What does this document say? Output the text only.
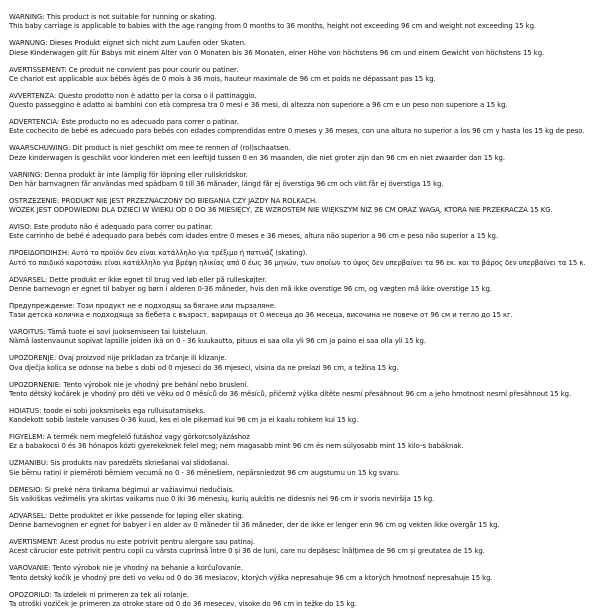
WARNING: This product is not suitable for running or skating.
This baby carriage is applicable to babies with the age ranging from 0 months to 36 months, height not exceeding 96 cm and weight not exceeding 15 kg.
WARNUNG: Dieses Produkt eignet sich nicht zum Laufen oder Skaten.
Diese Kinderwagen gilt für Babys mit einem Alter von 0 Monaten bis 36 Monaten, einer Höhe von höchstens 96 cm und einem Gewicht von höchstens 15 kg.
AVERTISSEMENT: Ce produit ne convient pas pour courir ou patiner.
Ce chariot est applicable aux bébés âgés de 0 mois à 36 mois, hauteur maximale de 96 cm et poids ne dépassant pas 15 kg.
AVVERTENZA: Questo prodotto non è adatto per la corsa o il pattinaggio.
Questo passeggino è adatto ai bambini con età compresa tra 0 mesi e 36 mesi, di altezza non superiore a 96 cm e un peso non superiore a 15 kg.
ADVERTENCIA: Este producto no es adecuado para correr o patinar.
Este cochecito de bebé es adecuado para bebés con edades comprendidas entre 0 meses y 36 meses, con una altura no superior a los 96 cm y hasta los 15 kg de peso.
WAARSCHUWING: Dit product is niet geschikt om mee te rennen of (rol)schaatsen.
Deze kinderwagen is geschikt voor kinderen met een leeftijd tussen 0 en 36 maanden, die niet groter zijn dan 96 cm en niet zwaarder dan 15 kg.
VARNING: Denna produkt är inte lämplig för löpning eller rullskridskor.
Den här barnvagnen får användas med spädbarn 0 till 36 månader, längd får ej överstiga 96 cm och vikt får ej överstiga 15 kg.
OSTRZEŻENIE: PRODUKT NIE JEST PRZEZNACZONY DO BIEGANIA CZY JAZDY NA ROLKACH.
WÓZEK JEST ODPOWIEDNI DLA DZIECI W WIEKU OD 0 DO 36 MIESIĘCY, ZE WZROSTEM NIE WIĘKSZYM NIŻ 96 CM ORAZ WAGĄ, KTÓRA NIE PRZEKRACZA 15 KG.
AVISO: Este produto não é adequado para correr ou patinar.
Este carrinho de bebé é adequado para bebés com idades entre 0 meses e 36 meses, altura não superior a 96 cm e peso não superior a 15 kg.
ΠΡΟΕΙΔΟΠΟΙΗΣΗ: Αυτό το προϊόν δεν είναι κατάλληλο για τρέξιμο ή πατινάζ (skating).
Αυτό το παιδικό καροτσάκι είναι κατάλληλο για βρέφη ηλικίας από 0 έως 36 μηνών, των οποίων το ύψος δεν υπερβαίνει τα 96 εκ. και το βάρος δεν υπερβαίνει τα 15 κ.
ADVARSEL: Dette produkt er ikke egnet til brug ved løb eller på rulleskøjter.
Denne barnevogn er egnet til babyer og børn i alderen 0-36 måneder, hvis den må ikke overstige 96 cm, og vægten må ikke overstige 15 kg.
Предупреждение: Този продукт не е подходящ за бягане или пързаляне.
Тази детска количка е подходяща за бебета с възраст, варираща от 0 месеца до 36 месеца, височина не повече от 96 см и тегло до 15 кг.
VAROITUS: Tämä tuote ei sovi juoksemiseen tai luisteluun.
Nämä lastenvaunut sopivat lapsille joiden ikä on 0 - 36 kuukautta, pituus ei saa olla yli 96 cm ja paino ei saa olla yli 15 kg.
UPOZORENJE: Ovaj proizvod nije prikladan za trčanje ili klizanje.
Ova dječja kolica se odnose na bebe s dobi od 0 mjeseci do 36 mjeseci, visina da ne prelazi 96 cm, a težina 15 kg.
UPOZORNENIE: Tento výrobok nie je vhodný pre behání nebo bruslení.
Tento dětský kočárek je vhodný pro děti ve věku od 0 měsíců do 36 měsíců, přičemž výška dítěte nesmí přesáhnout 96 cm a jeho hmotnost nesmí přesáhnout 15 kg.
HOIATUS: toode ei sobi jooksmiseks ega rulluisutamiseks.
Kandekott sobib lastele vanuses 0-36 kuud, kes ei ole pikemad kui 96 cm ja ei kaalu rohkem kui 15 kg.
FIGYELEM: A termék nem megfelelő futáshoz vagy görkorcsolyázáshoz
Ez a babakocsi 0 és 36 hónapos közti gyerekeknek felel meg; nem magasabb mint 96 cm és nem súlyosabb mint 15 kilo-s babáknak.
UZMANĪBU: Šis produkts nav paredzēts skriešanai vai slidošanai.
Šie bērnu ratiņi ir piemēroti bērniem vecumā no 0 - 36 mēnešiem, nepārsniedzot 96 cm augstumu un 15 kg svaru.
DĖMESIO: Ši prekė nėra tinkama bėgimui ar važiavimui riedučiais.
Šis vaikiškas vežimėlis yra skirtas vaikams nuo 0 iki 36 mėnesių, kurių aukštis ne didesnis nei 96 cm ir svoris neviršija 15 kg.
ADVARSEL: Dette produktet er ikke passende for løping eller skating.
Denne barnevognen er egnet for babyer i en alder av 0 måneder til 36 måneder, der de ikke er lenger enn 96 cm og vekten ikke overgår 15 kg.
AVERTISMENT: Acest produs nu este potrivit pentru alergare sau patinaj.
Acest cărucior este potrivit pentru copii cu vârsta cuprinsă între 0 și 36 de luni, care nu depășesc înălțimea de 96 cm și greutatea de 15 kg.
VAROVANIE: Tento výrobok nie je vhodný na behanie a korčuľovanie.
Tento detský kočík je vhodný pre deti vo veku od 0 do 36 mesiacov, ktorých výška nepresahuje 96 cm a ktorých hmotnosť nepresahuje 15 kg.
OPOZORILO: Ta izdelek ni primeren za tek ali rolanje.
Ta otroški voziček je primeren za otroke stare od 0 do 36 mesecev, visoke do 96 cm in težke do 15 kg.
